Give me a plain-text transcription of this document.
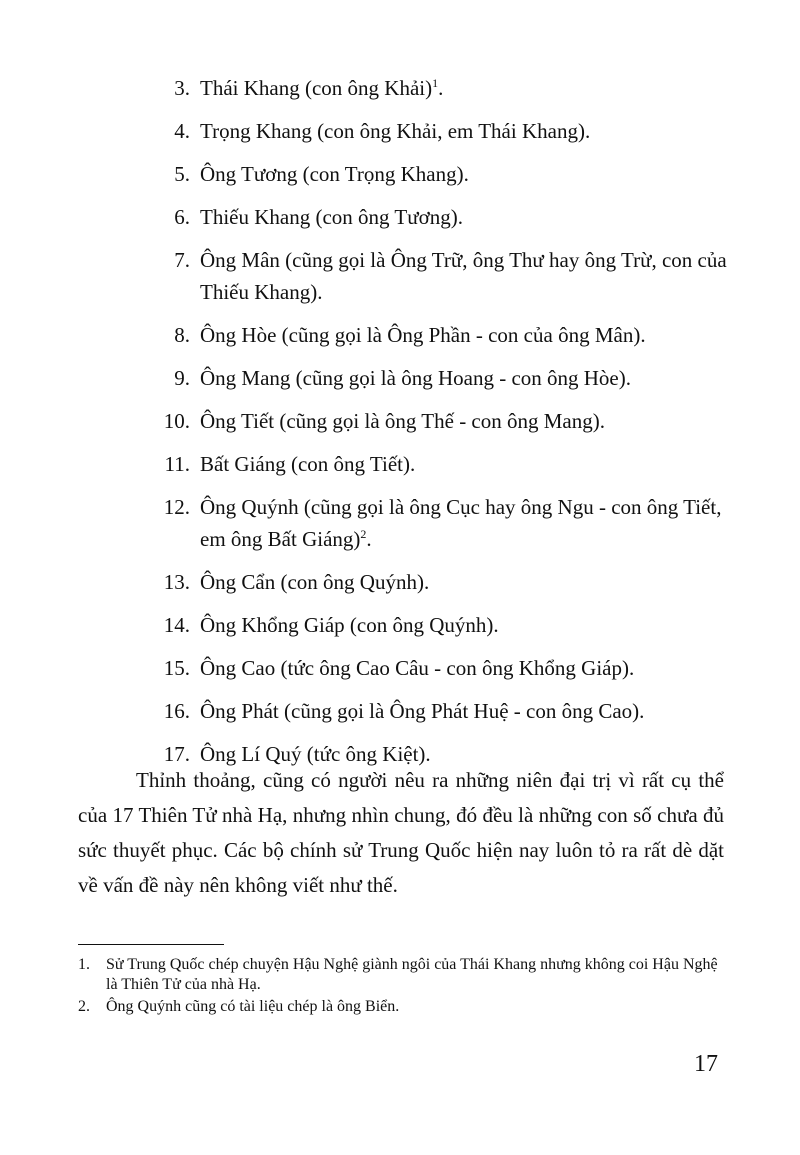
3. Thái Khang (con ông Khải)$^1$.
4. Trọng Khang (con ông Khải, em Thái Khang).
5. Ông Tương (con Trọng Khang).
6. Thiếu Khang (con ông Tương).
7. Ông Mân (cũng gọi là Ông Trữ, ông Thư hay ông Trừ, con của Thiếu Khang).
8. Ông Hòe (cũng gọi là Ông Phần - con của ông Mân).
9. Ông Mang (cũng gọi là ông Hoang - con ông Hòe).
10. Ông Tiết (cũng gọi là ông Thế - con ông Mang).
11. Bất Giáng (con ông Tiết).
12. Ông Quýnh (cũng gọi là ông Cục hay ông Ngu - con ông Tiết, em ông Bất Giáng)$^2$.
13. Ông Cẩn (con ông Quýnh).
14. Ông Khổng Giáp (con ông Quýnh).
15. Ông Cao (tức ông Cao Câu - con ông Khổng Giáp).
16. Ông Phát (cũng gọi là Ông Phát Huệ - con ông Cao).
17. Ông Lí Quý (tức ông Kiệt).

Thỉnh thoảng, cũng có người nêu ra những niên đại trị vì rất cụ thể của 17 Thiên Tử nhà Hạ, nhưng nhìn chung, đó đều là những con số chưa đủ sức thuyết phục. Các bộ chính sử Trung Quốc hiện nay luôn tỏ ra rất dè dặt về vấn đề này nên không viết như thế.

1.	Sử Trung Quốc chép chuyện Hậu Nghệ giành ngôi của Thái Khang nhưng không coi Hậu Nghệ là Thiên Tử của nhà Hạ.
2.	Ông Quýnh cũng có tài liệu chép là ông Biển.
17
